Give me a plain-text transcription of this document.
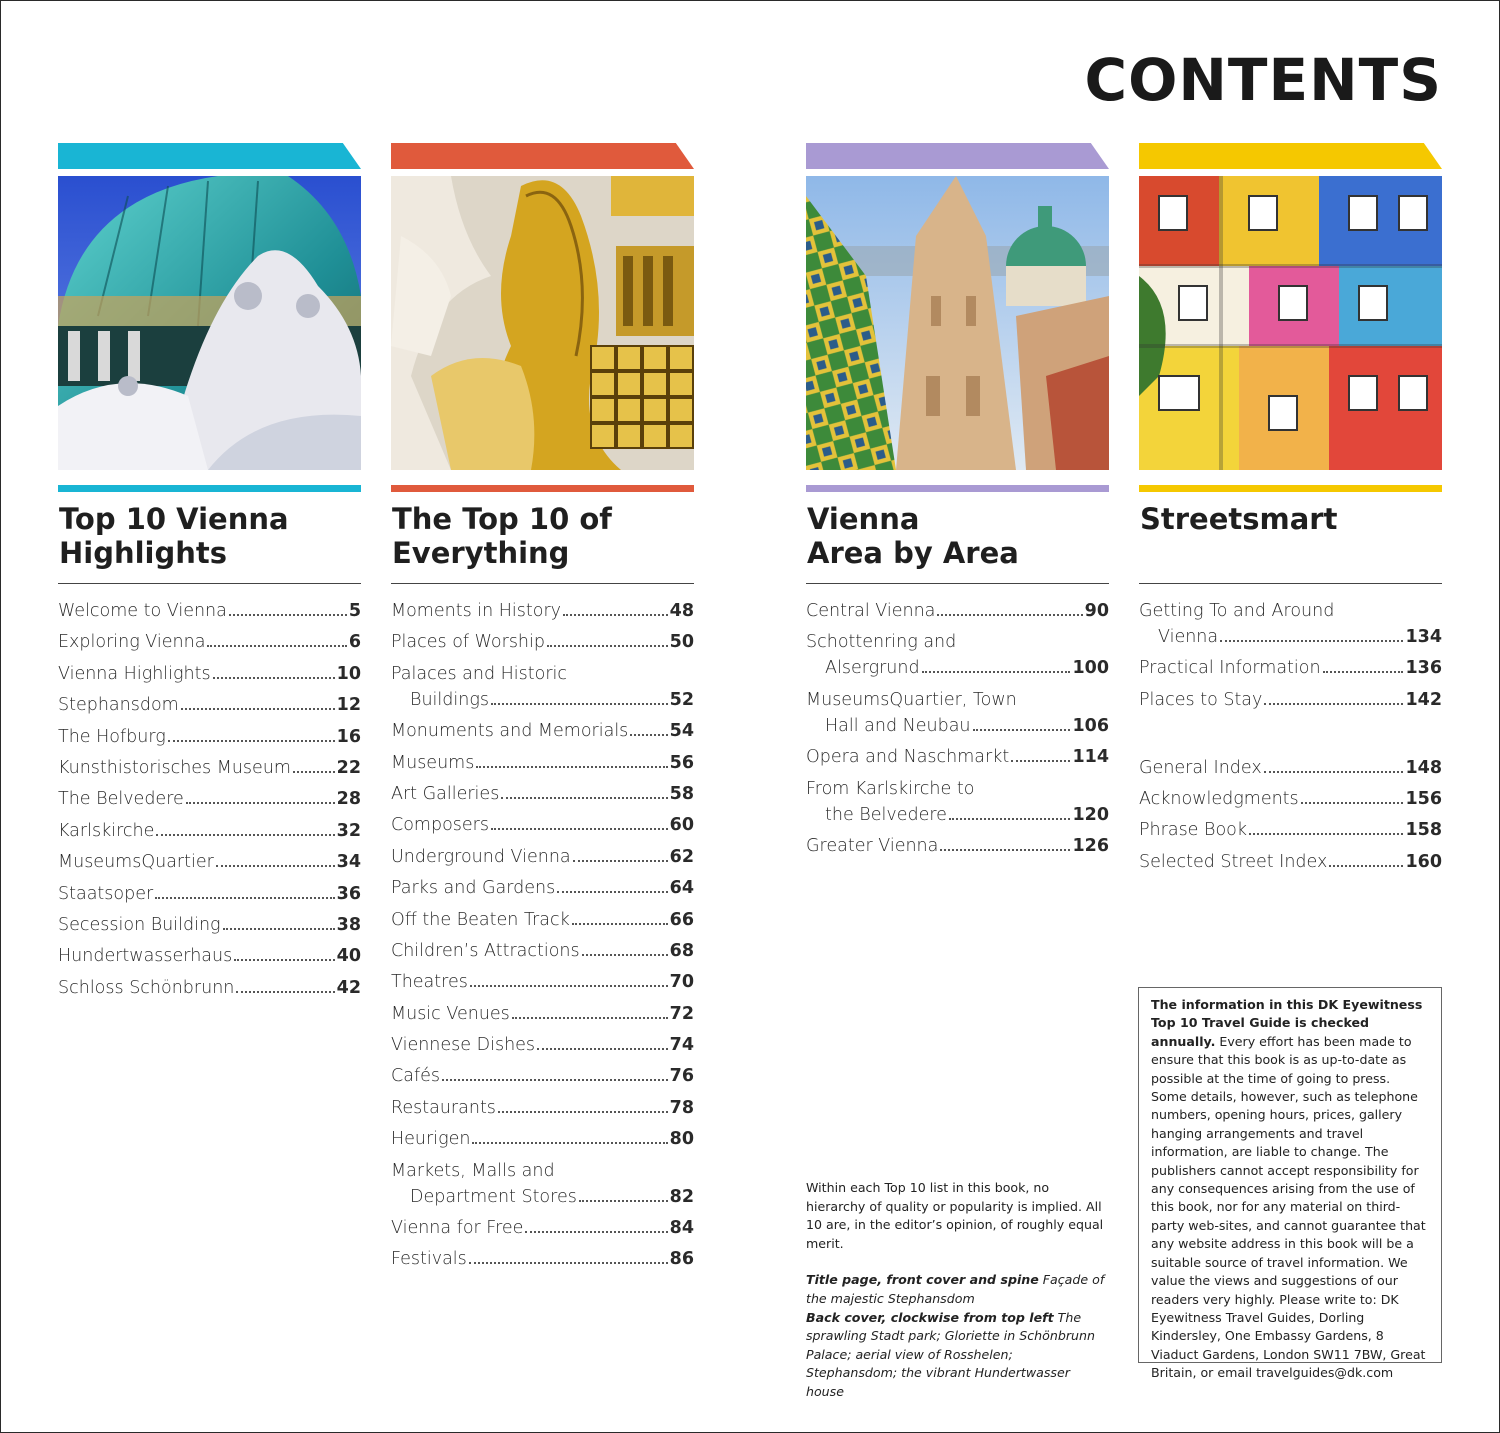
CONTENTS
Top 10 Vienna
Highlights
Welcome to Vienna	5
Exploring Vienna	6
Vienna Highlights	10
Stephansdom	12
The Hofburg	16
Kunsthistorisches Museum	22
The Belvedere	28
Karlskirche	32
MuseumsQuartier	34
Staatsoper	36
Secession Building	38
Hundertwasserhaus	40
Schloss Schönbrunn	42
The Top 10 of
Everything
Moments in History	48
Places of Worship	50
Palaces and Historic
Buildings	52
Monuments and Memorials 54
Museums	56
Art Galleries	58
Composers	60
Underground Vienna	62
Parks and Gardens	64
Off the Beaten Track	66
Children’s Attractions	68
Theatres	70
Music Venues	72
Viennese Dishes	74
Cafés	76
Restaurants	78
Heurigen	80
Markets, Malls and
Department Stores	82
Vienna for Free	84
Festivals	86
Vienna
Area by Area
Central Vienna	90
Schottenring and
Alsergrund	100
MuseumsQuartier, Town
Hall and Neubau	106
Opera and Naschmarkt	114
From Karlskirche to
the Belvedere	120
Greater Vienna	126
Streetsmart
Getting To and Around
Vienna	134
Practical Information	136
Places to Stay	142
General Index	148
Acknowledgments	156
Phrase Book	158
Selected Street Index	160

Within each Top 10 list in this book, no hierarchy of quality or popularity is implied. All 10 are, in the editor’s opinion, of roughly equal merit.

Title page, front cover and spine Façade of the majestic Stephansdom
Back cover, clockwise from top left The sprawling Stadt park; Gloriette in Schönbrunn Palace; aerial view of Rosshelen; Stephansdom; the vibrant Hundertwasser house

The information in this DK Eyewitness Top 10 Travel Guide is checked annually. Every effort has been made to ensure that this book is as up-to-date as possible at the time of going to press. Some details, however, such as telephone numbers, opening hours, prices, gallery hanging arrangements and travel information, are liable to change. The publishers cannot accept responsibility for any consequences arising from the use of this book, nor for any material on third-party web-sites, and cannot guarantee that any website address in this book will be a suitable source of travel information. We value the views and suggestions of our readers very highly. Please write to: DK Eyewitness Travel Guides, Dorling Kindersley, One Embassy Gardens, 8 Viaduct Gardens, London SW11 7BW, Great Britain, or email travelguides@dk.com
